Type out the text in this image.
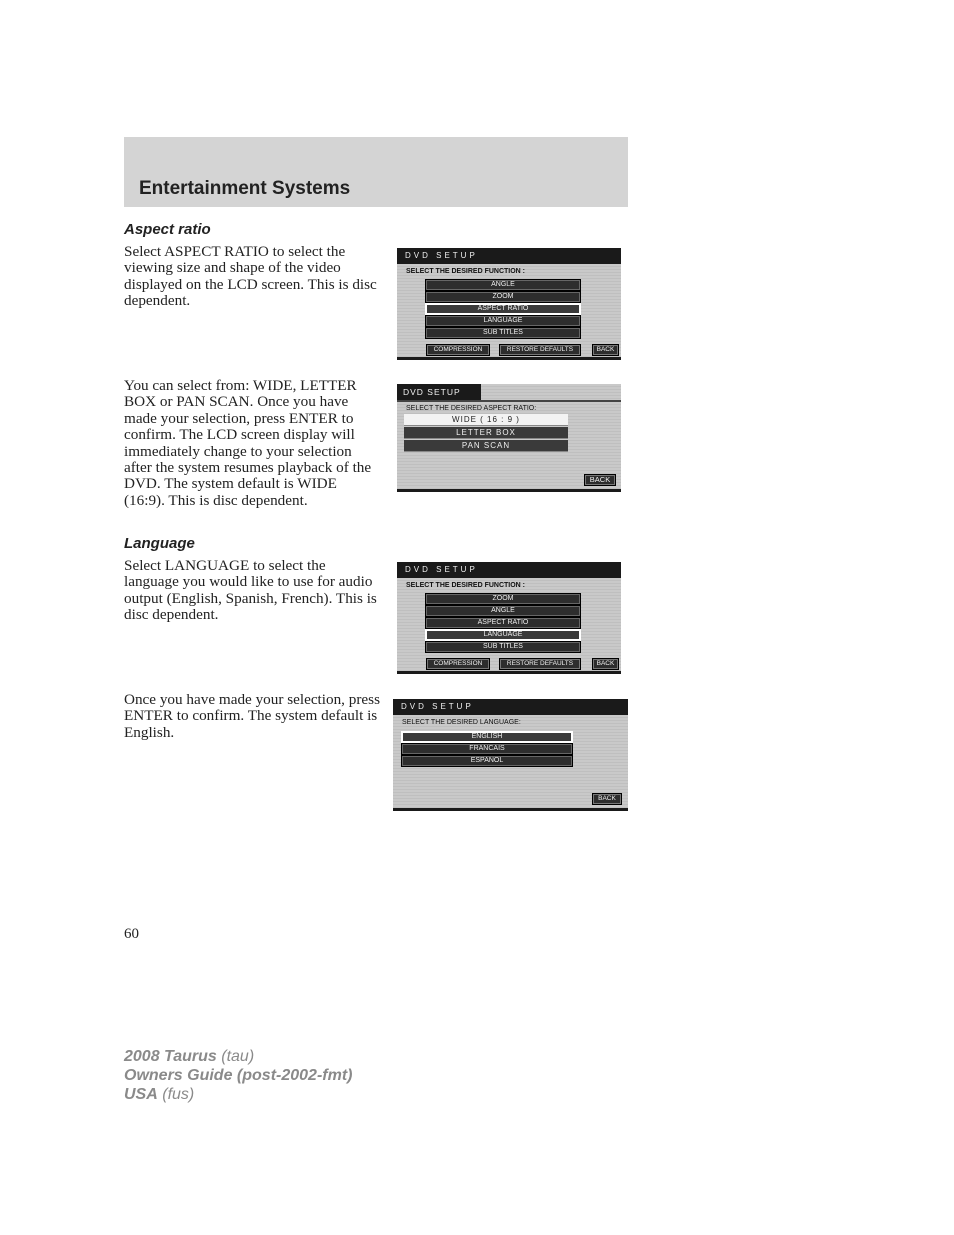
Entertainment Systems
Aspect ratio

Select ASPECT RATIO to select the viewing size and shape of the video displayed on the LCD screen. This is disc dependent.

DVD SETUP
SELECT THE DESIRED FUNCTION :
ANGLE
ZOOM
ASPECT RATIO
LANGUAGE
SUB TITLES
COMPRESSION	RESTORE DEFAULTS	BACK

You can select from: WIDE, LETTER BOX or PAN SCAN. Once you have made your selection, press ENTER to confirm. The LCD screen display will immediately change to your selection after the system resumes playback of the DVD. The system default is WIDE (16:9). This is disc dependent.

DVD SETUP
SELECT THE DESIRED ASPECT RATIO:
WIDE ( 16 : 9 )
LETTER BOX
PAN SCAN
BACK
Language

Select LANGUAGE to select the language you would like to use for audio output (English, Spanish, French). This is disc dependent.

DVD SETUP
SELECT THE DESIRED FUNCTION :
ZOOM
ANGLE
ASPECT RATIO
LANGUAGE
SUB TITLES
COMPRESSION	RESTORE DEFAULTS	BACK

Once you have made your selection, press ENTER to confirm. The system default is English.

DVD SETUP
SELECT THE DESIRED LANGUAGE:
ENGLISH
FRANCAIS
ESPANOL
BACK
60
2008 Taurus (tau)
Owners Guide (post-2002-fmt)
USA (fus)
